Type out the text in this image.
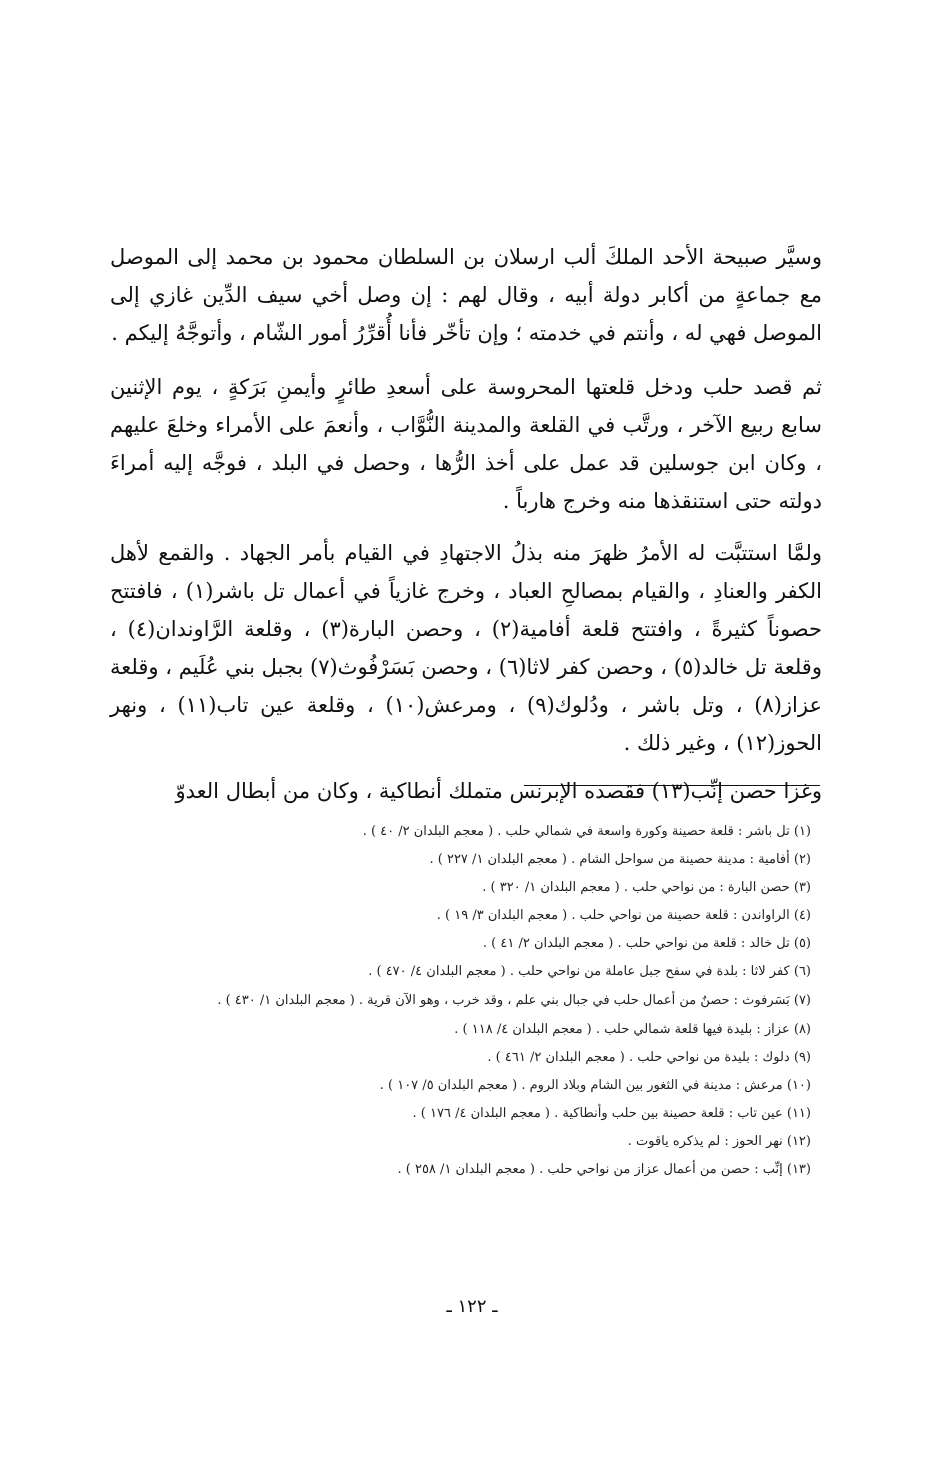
وسيَّر صبيحة الأحد الملكَ ألب ارسلان بن السلطان محمود بن محمد إلى الموصل مع جماعةٍ من أكابر دولة أبيه ، وقال لهم : إن وصل أخي سيف الدِّين غازي إلى الموصل فهي له ، وأنتم في خدمته ؛ وإن تأخّر فأنا أُقرِّرُ أمور الشّام ، وأتوجَّهُ إليكم .

ثم قصد حلب ودخل قلعتها المحروسة على أسعدِ طائرٍ وأيمنِ بَرَكةٍ ، يوم الإثنين سابع ربيع الآخر ، ورتَّب في القلعة والمدينة النُّوَّاب ، وأنعمَ على الأمراء وخلعَ عليهم ، وكان ابن جوسلين قد عمل على أخذ الرُّها ، وحصل في البلد ، فوجَّه إليه أمراءَ دولته حتى استنقذها منه وخرج هارباً .

ولمَّا استتبَّت له الأمرُ ظهرَ منه بذلُ الاجتهادِ في القيام بأمر الجهاد . والقمع لأهل الكفر والعنادِ ، والقيام بمصالحِ العباد ، وخرج غازياً في أعمال تل باشر(١) ، فافتتح حصوناً كثيرةً ، وافتتح قلعة أفامية(٢) ، وحصن البارة(٣) ، وقلعة الرَّاوندان(٤) ، وقلعة تل خالد(٥) ، وحصن كفر لاثا(٦) ، وحصن بَسَرْفُوث(٧) بجبل بني عُلَيم ، وقلعة عزاز(٨) ، وتل باشر ، ودُلوك(٩) ، ومرعش(١٠) ، وقلعة عين تاب(١١) ، ونهر الحوز(١٢) ، وغير ذلك .

وغزا حصن إنِّب(١٣) فقصده الإبرنس متملك أنطاكية ، وكان من أبطال العدوّ

(١) تل باشر : قلعة حصينة وكورة واسعة في شمالي حلب . ( معجم البلدان ٢/ ٤٠ ) .

(٢) أفامية : مدينة حصينة من سواحل الشام . ( معجم البلدان ١/ ٢٢٧ ) .

(٣) حصن البارة : من نواحي حلب . ( معجم البلدان ١/ ٣٢٠ ) .

(٤) الراواندن : قلعة حصينة من نواحي حلب . ( معجم البلدان ٣/ ١٩ ) .

(٥) تل خالد : قلعة من نواحي حلب . ( معجم البلدان ٢/ ٤١ ) .

(٦) كفر لاثا : بلدة في سفح جبل عاملة من نواحي حلب . ( معجم البلدان ٤/ ٤٧٠ ) .

(٧) بَسَرفوث : حصنٌ من أعمال حلب في جبال بني علم ، وقد خرب ، وهو الآن قرية . ( معجم البلدان ١/ ٤٣٠ ) .

(٨) عزاز : بليدة فيها قلعة شمالي حلب . ( معجم البلدان ٤/ ١١٨ ) .

(٩) دلوك : بليدة من نواحي حلب . ( معجم البلدان ٢/ ٤٦١ ) .

(١٠) مرعش : مدينة في الثغور بين الشام وبلاد الروم . ( معجم البلدان ٥/ ١٠٧ ) .

(١١) عين تاب : قلعة حصينة بين حلب وأنطاكية . ( معجم البلدان ٤/ ١٧٦ ) .

(١٢) نهر الحوز : لم يذكره ياقوت .

(١٣) إنِّب : حصن من أعمال عزاز من نواحي حلب . ( معجم البلدان ١/ ٢٥٨ ) .

ـ ١٢٢ ـ
